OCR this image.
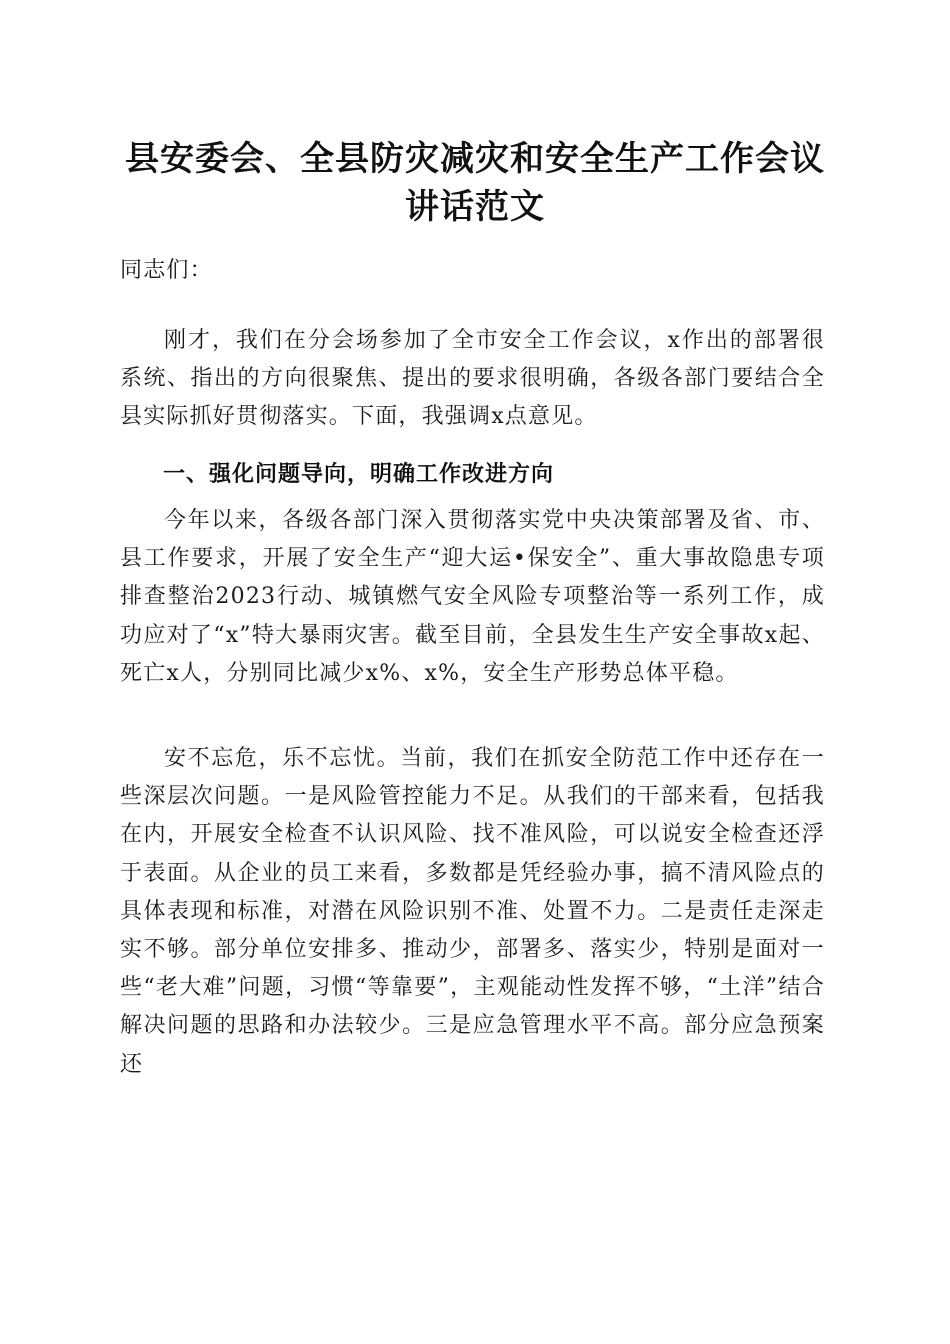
县安委会、全县防灾减灾和安全生产工作会议
讲话范文
同志们：

刚才，我们在分会场参加了全市安全工作会议，x作出的部署很系统、指出的方向很聚焦、提出的要求很明确，各级各部门要结合全县实际抓好贯彻落实。下面，我强调x点意见。

一、强化问题导向，明确工作改进方向

今年以来，各级各部门深入贯彻落实党中央决策部署及省、市、县工作要求，开展了安全生产“迎大运•保安全”、重大事故隐患专项排查整治2023行动、城镇燃气安全风险专项整治等一系列工作，成功应对了“x”特大暴雨灾害。截至目前，全县发生生产安全事故x起、死亡x人，分别同比减少x%、x%，安全生产形势总体平稳。

安不忘危，乐不忘忧。当前，我们在抓安全防范工作中还存在一些深层次问题。一是风险管控能力不足。从我们的干部来看，包括我在内，开展安全检查不认识风险、找不准风险，可以说安全检查还浮于表面。从企业的员工来看，多数都是凭经验办事，搞不清风险点的具体表现和标准，对潜在风险识别不准、处置不力。二是责任走深走实不够。部分单位安排多、推动少，部署多、落实少，特别是面对一些“老大难”问题，习惯“等靠要”，主观能动性发挥不够，“土洋”结合解决问题的思路和办法较少。三是应急管理水平不高。部分应急预案还
